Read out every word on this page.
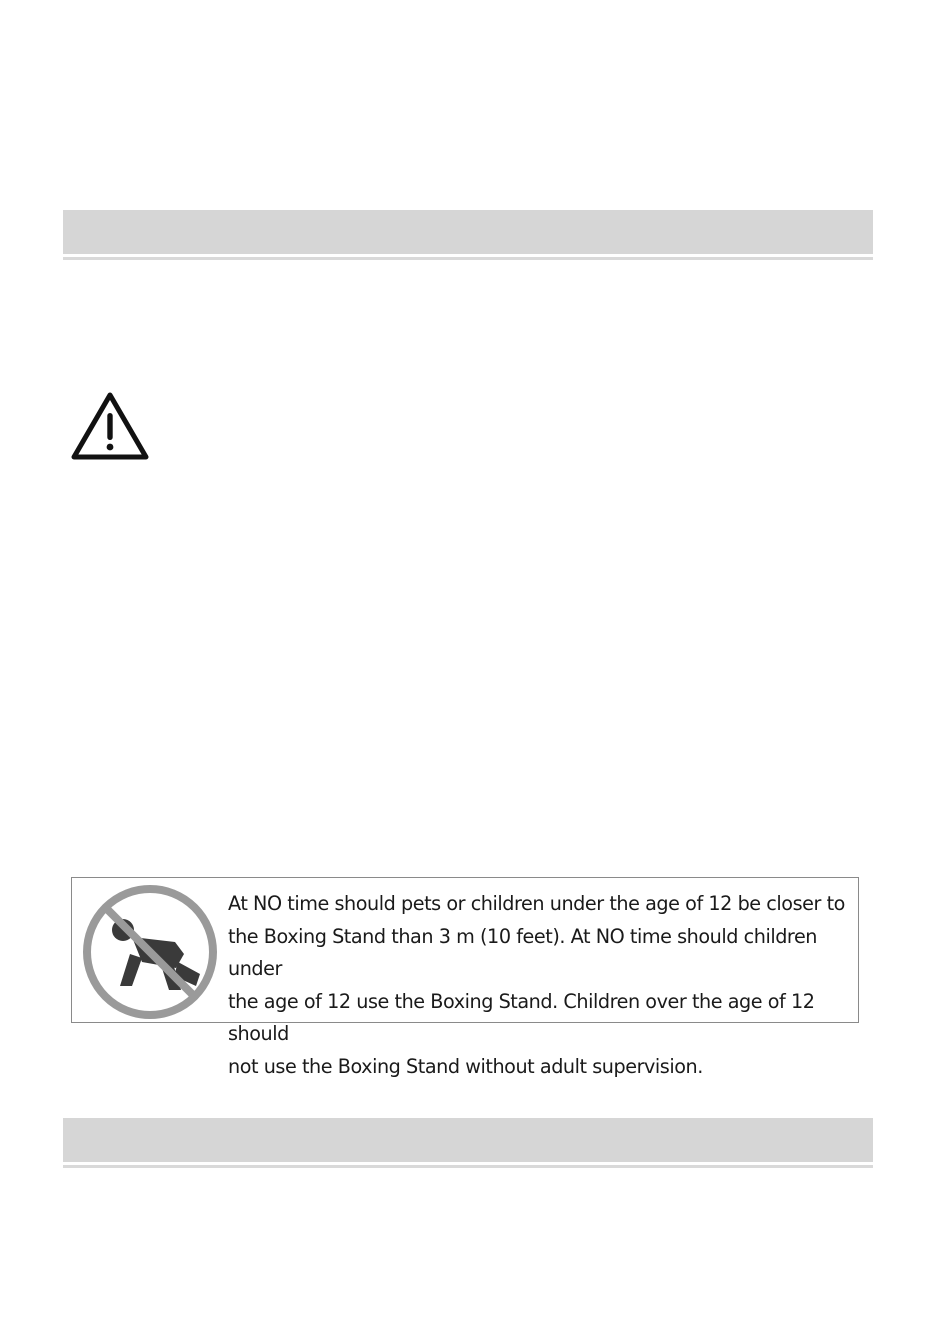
At NO time should pets or children under the age of 12 be closer to
the Boxing Stand than 3 m (10 feet). At NO time should children under
the age of 12 use the Boxing Stand. Children over the age of 12 should
not use the Boxing Stand without adult supervision.
